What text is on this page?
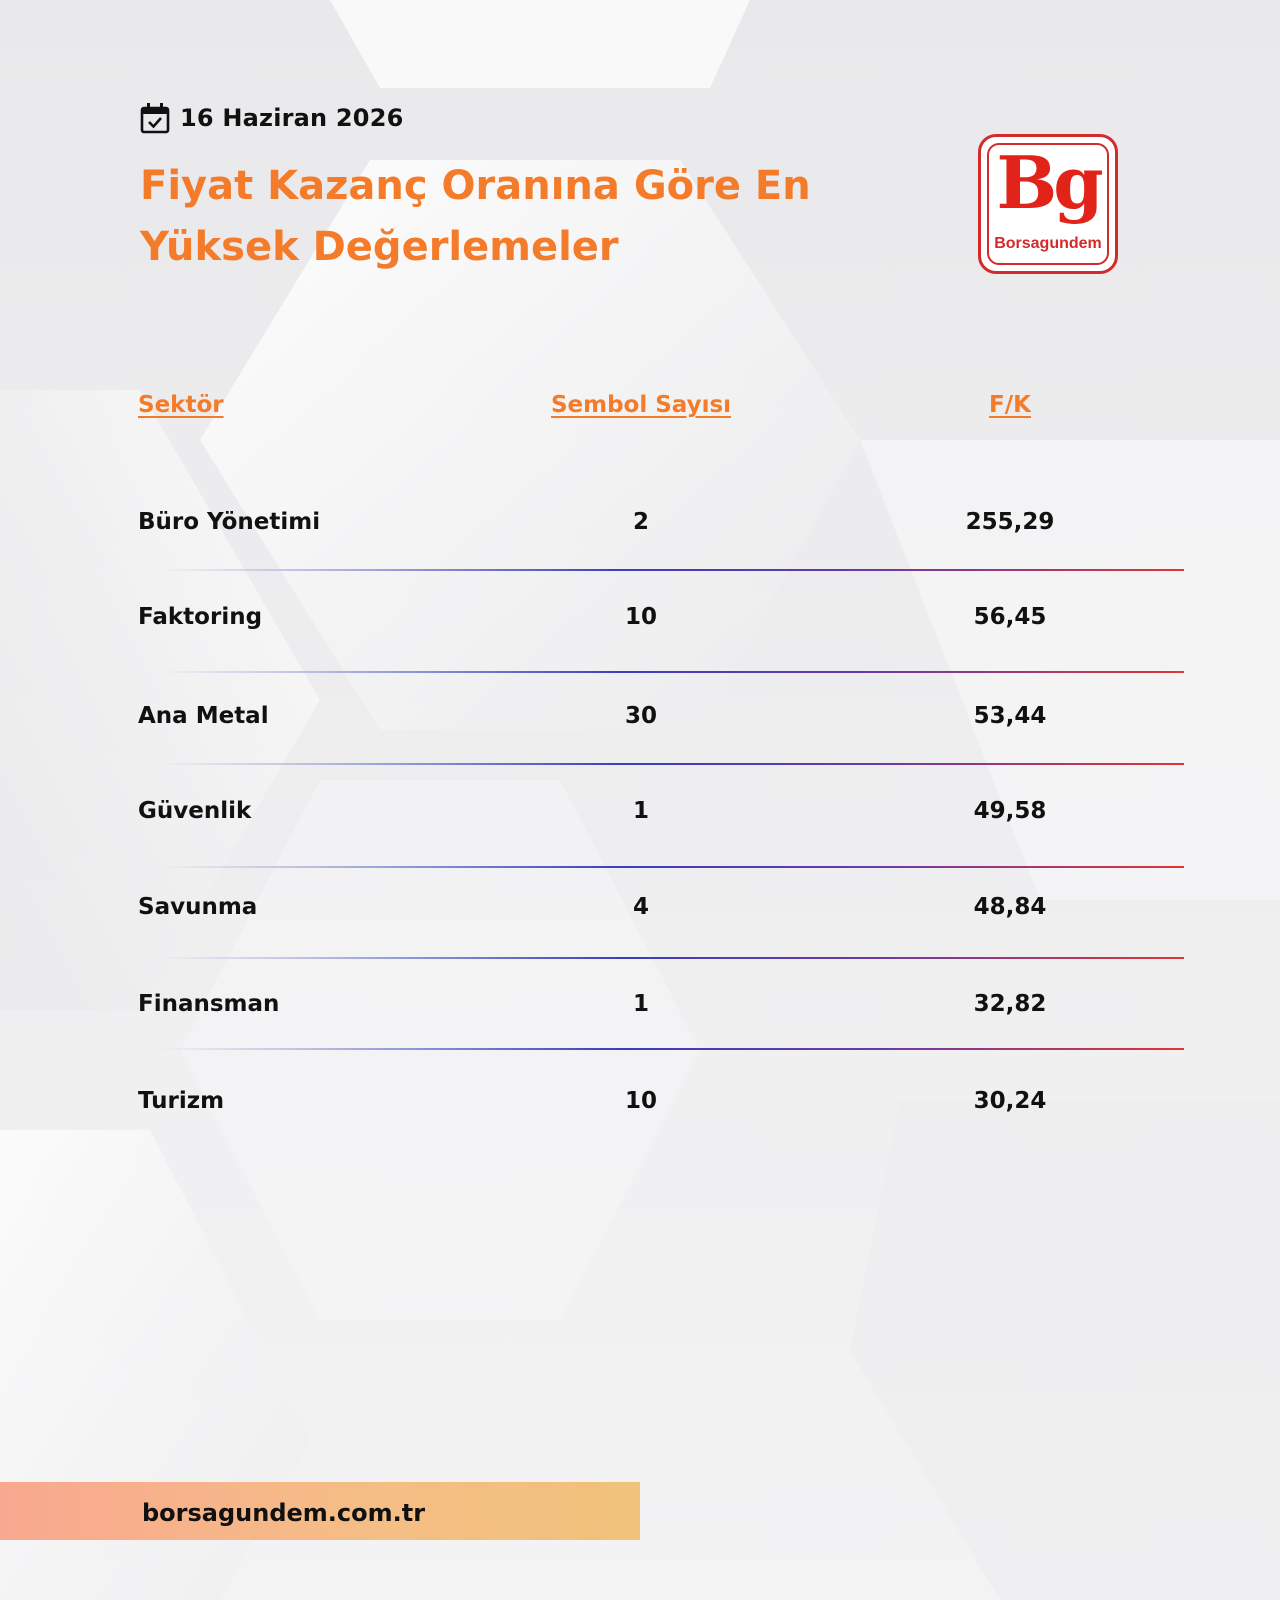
16 Haziran 2026
Fiyat Kazanç Oranına Göre En Yüksek Değerlemeler
Bg
Borsagundem
Sektör	Sembol Sayısı	F/K
Büro Yönetimi	2	255,29
Faktoring	10	56,45
Ana Metal	30	53,44
Güvenlik	1	49,58
Savunma	4	48,84
Finansman	1	32,82
Turizm	10	30,24
borsagundem.com.tr
